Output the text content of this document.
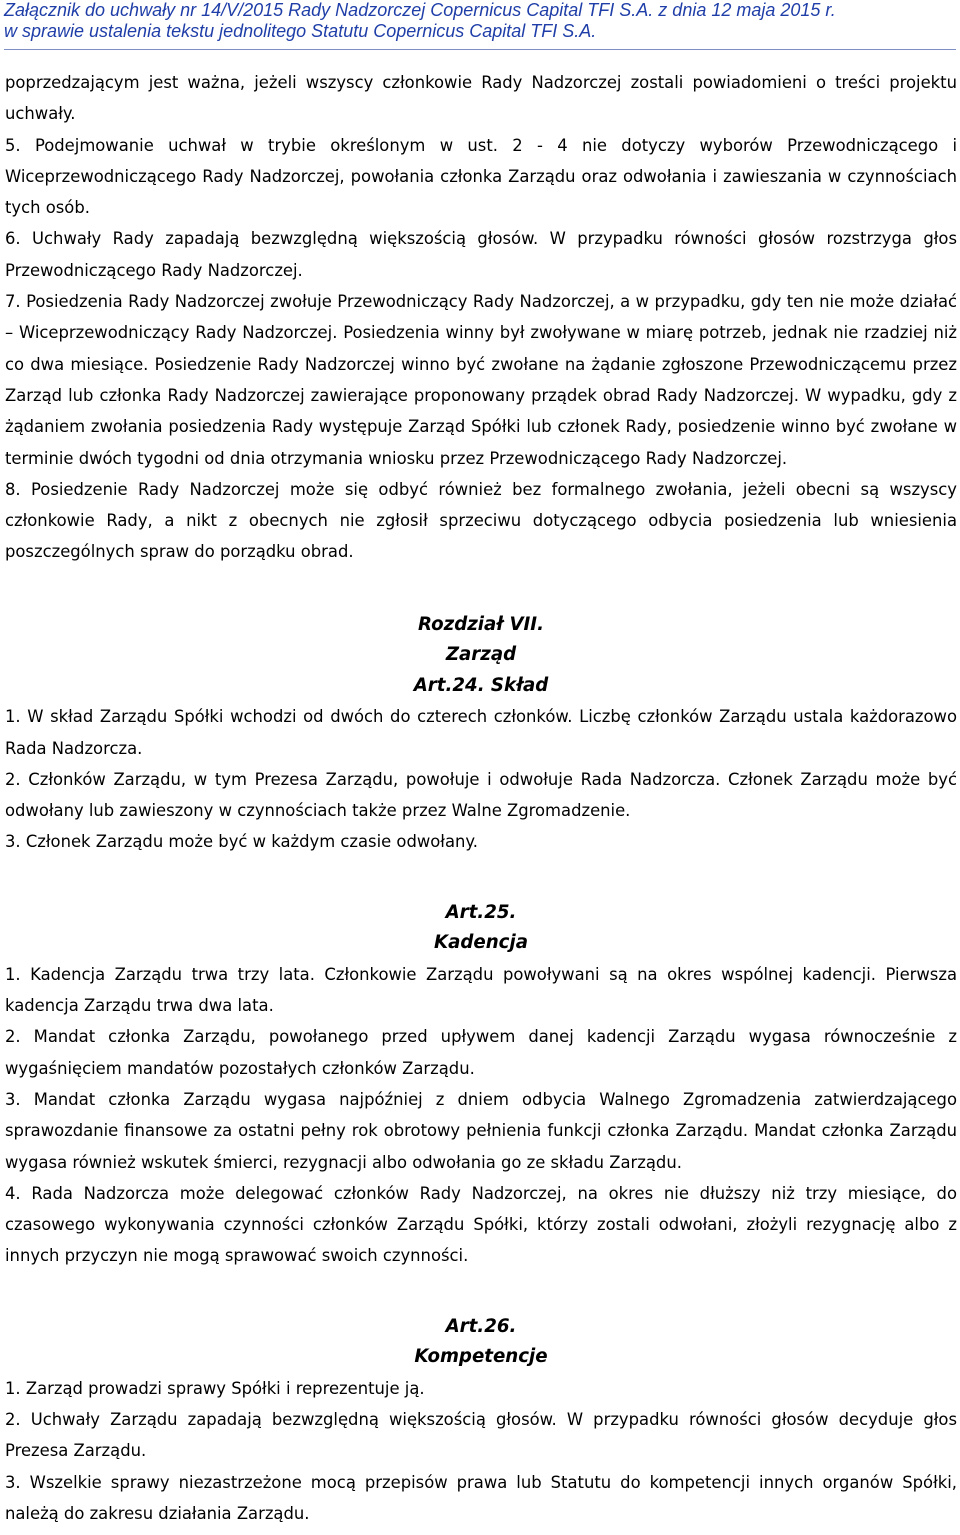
Załącznik do uchwały nr 14/V/2015 Rady Nadzorczej Copernicus Capital TFI S.A. z dnia 12 maja 2015 r.
w sprawie ustalenia tekstu jednolitego Statutu Copernicus Capital TFI S.A.

poprzedzającym jest ważna, jeżeli wszyscy członkowie Rady Nadzorczej zostali powiadomieni o treści projektu uchwały.

5. Podejmowanie uchwał w trybie określonym w ust. 2 - 4 nie dotyczy wyborów Przewodniczącego i Wiceprzewodniczącego Rady Nadzorczej, powołania członka Zarządu oraz odwołania i zawieszania w czynnościach tych osób.

6. Uchwały Rady zapadają bezwzględną większością głosów. W przypadku równości głosów rozstrzyga głos Przewodniczącego Rady Nadzorczej.

7. Posiedzenia Rady Nadzorczej zwołuje Przewodniczący Rady Nadzorczej, a w przypadku, gdy ten nie może działać – Wiceprzewodniczący Rady Nadzorczej. Posiedzenia winny był zwoływane w miarę potrzeb, jednak nie rzadziej niż co dwa miesiące. Posiedzenie Rady Nadzorczej winno być zwołane na żądanie zgłoszone Przewodniczącemu przez Zarząd lub członka Rady Nadzorczej zawierające proponowany prządek obrad Rady Nadzorczej. W wypadku, gdy z żądaniem zwołania posiedzenia Rady występuje Zarząd Spółki lub członek Rady, posiedzenie winno być zwołane w terminie dwóch tygodni od dnia otrzymania wniosku przez Przewodniczącego Rady Nadzorczej.

8. Posiedzenie Rady Nadzorczej może się odbyć również bez formalnego zwołania, jeżeli obecni są wszyscy członkowie Rady, a nikt z obecnych nie zgłosił sprzeciwu dotyczącego odbycia posiedzenia lub wniesienia poszczególnych spraw do porządku obrad.

Rozdział VII.

Zarząd

Art.24. Skład

1. W skład Zarządu Spółki wchodzi od dwóch do czterech członków. Liczbę członków Zarządu ustala każdorazowo Rada Nadzorcza.

2. Członków Zarządu, w tym Prezesa Zarządu, powołuje i odwołuje Rada Nadzorcza. Członek Zarządu może być odwołany lub zawieszony w czynnościach także przez Walne Zgromadzenie.

3. Członek Zarządu może być w każdym czasie odwołany.

Art.25.

Kadencja

1. Kadencja Zarządu trwa trzy lata. Członkowie Zarządu powoływani są na okres wspólnej kadencji. Pierwsza kadencja Zarządu trwa dwa lata.

2. Mandat członka Zarządu, powołanego przed upływem danej kadencji Zarządu wygasa równocześnie z wygaśnięciem mandatów pozostałych członków Zarządu.

3. Mandat członka Zarządu wygasa najpóźniej z dniem odbycia Walnego Zgromadzenia zatwierdzającego sprawozdanie finansowe za ostatni pełny rok obrotowy pełnienia funkcji członka Zarządu. Mandat członka Zarządu wygasa również wskutek śmierci, rezygnacji albo odwołania go ze składu Zarządu.

4. Rada Nadzorcza może delegować członków Rady Nadzorczej, na okres nie dłuższy niż trzy miesiące, do czasowego wykonywania czynności członków Zarządu Spółki, którzy zostali odwołani, złożyli rezygnację albo z innych przyczyn nie mogą sprawować swoich czynności.

Art.26.

Kompetencje

1. Zarząd prowadzi sprawy Spółki i reprezentuje ją.

2. Uchwały Zarządu zapadają bezwzględną większością głosów. W przypadku równości głosów decyduje głos Prezesa Zarządu.

3. Wszelkie sprawy niezastrzeżone mocą przepisów prawa lub Statutu do kompetencji innych organów Spółki, należą do zakresu działania Zarządu.
